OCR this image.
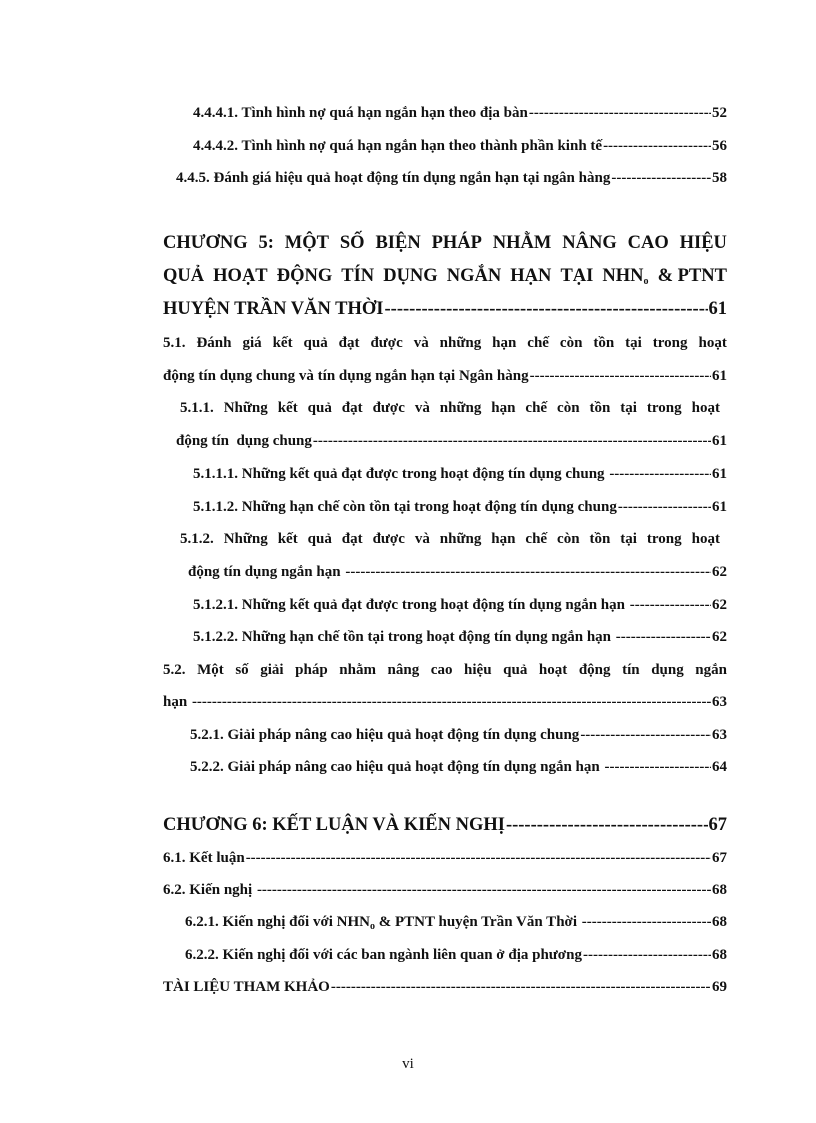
4.4.4.1. Tình hình nợ quá hạn ngắn hạn theo địa bàn -----	52
4.4.4.2. Tình hình nợ quá hạn ngắn hạn theo thành phần kinh tế -----	56
4.4.5. Đánh giá hiệu quả hoạt động tín dụng ngắn hạn tại ngân hàng -----	58
CHƯƠNG 5: MỘT SỐ BIỆN PHÁP NHẰM NÂNG CAO HIỆU
QUẢ HOẠT ĐỘNG TÍN DỤNG NGẮN HẠN TẠI $NHN_o$ & PTNT
HUYỆN TRẦN VĂN THỜI -----	61
5.1. Đánh giá kết quả đạt được và những hạn chế còn tồn tại trong hoạt
động tín dụng chung và tín dụng ngắn hạn tại Ngân hàng -----	61
5.1.1. Những kết quả đạt được và những hạn chế còn tồn tại trong hoạt
động tín  dụng chung -----	61
5.1.1.1. Những kết quả đạt được trong hoạt động tín dụng chung -----	61
5.1.1.2. Những hạn chế còn tồn tại trong hoạt động tín dụng chung -----	61
5.1.2. Những kết quả đạt được và những hạn chế còn tồn tại trong hoạt
động tín dụng ngắn hạn -----	62
5.1.2.1. Những kết quả đạt được trong hoạt động tín dụng ngắn hạn -----	62
5.1.2.2. Những hạn chế tồn tại trong hoạt động tín dụng ngắn hạn -----	62
5.2. Một số giải pháp nhằm nâng cao hiệu quả hoạt động tín dụng ngắn
hạn -----	63
5.2.1. Giải pháp nâng cao hiệu quả hoạt động tín dụng chung -----	63
5.2.2. Giải pháp nâng cao hiệu quả hoạt động tín dụng ngắn hạn -----	64
CHƯƠNG 6: KẾT LUẬN VÀ KIẾN NGHỊ -----	67
6.1. Kết luận -----	67
6.2. Kiến nghị -----	68
6.2.1. Kiến nghị đối với $NHN_o$ & PTNT huyện Trần Văn Thời -----	68
6.2.2. Kiến nghị đối với các ban ngành liên quan ở địa phương -----	68
TÀI LIỆU THAM KHẢO -----	69
vi
